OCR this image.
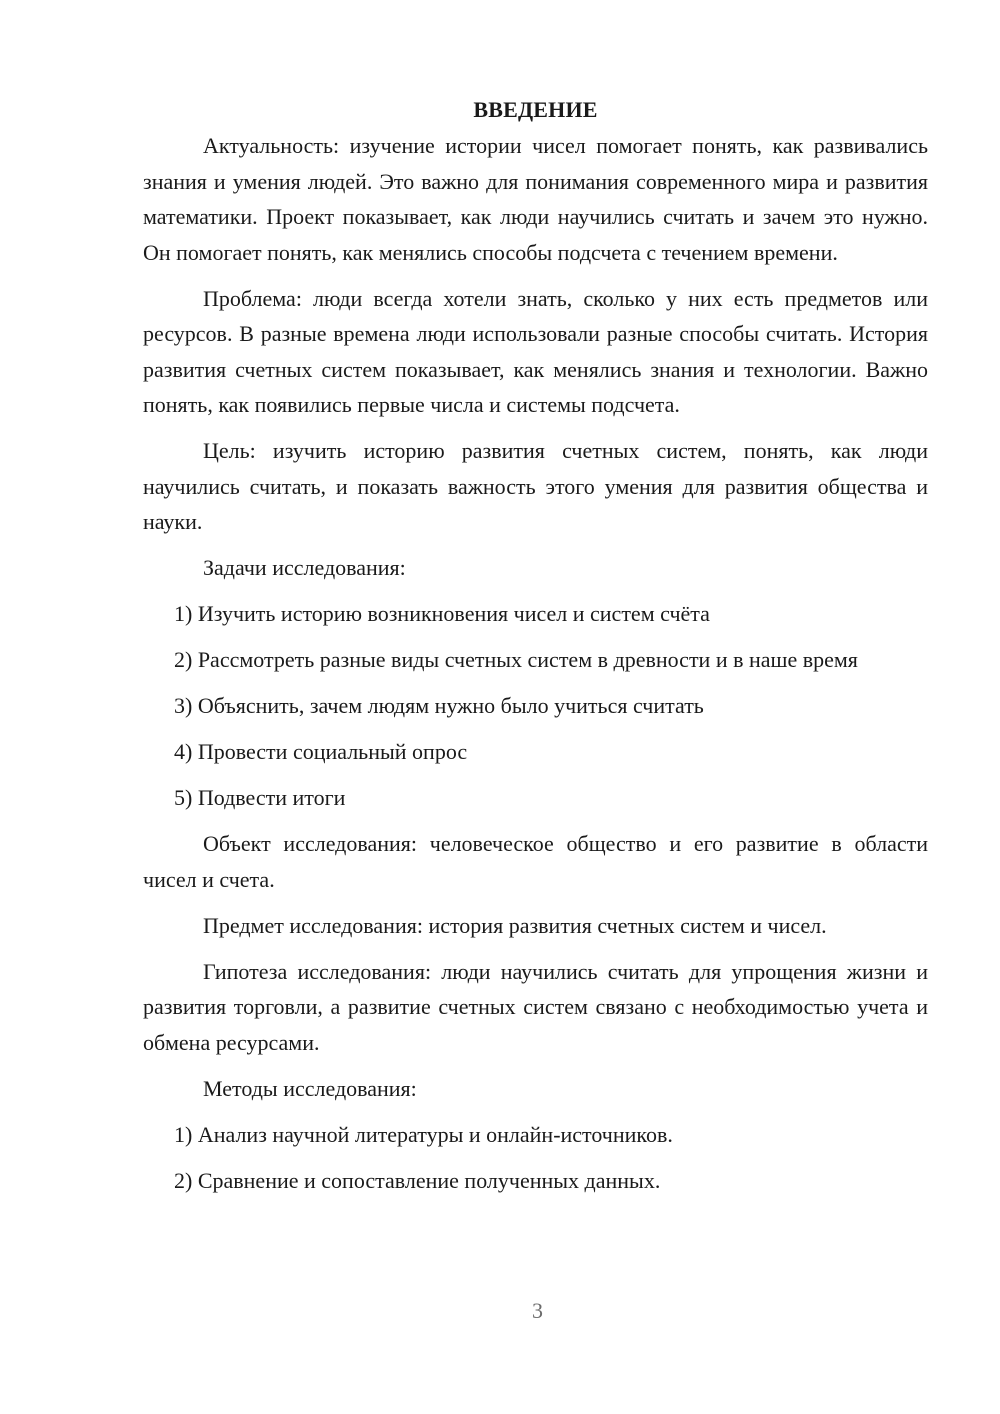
ВВЕДЕНИЕ

Актуальность: изучение истории чисел помогает понять, как развивались знания и умения людей. Это важно для понимания современного мира и развития математики. Проект показывает, как люди научились считать и зачем это нужно. Он помогает понять, как менялись способы подсчета с течением времени.

Проблема: люди всегда хотели знать, сколько у них есть предметов или ресурсов. В разные времена люди использовали разные способы считать. История развития счетных систем показывает, как менялись знания и технологии. Важно понять, как появились первые числа и системы подсчета.

Цель: изучить историю развития счетных систем, понять, как люди научились считать, и показать важность этого умения для развития общества и науки.

Задачи исследования:

1) Изучить историю возникновения чисел и систем счёта

2) Рассмотреть разные виды счетных систем в древности и в наше время

3) Объяснить, зачем людям нужно было учиться считать

4) Провести социальный опрос

5) Подвести итоги

Объект исследования: человеческое общество и его развитие в области чисел и счета.

Предмет исследования: история развития счетных систем и чисел.

Гипотеза исследования: люди научились считать для упрощения жизни и развития торговли, а развитие счетных систем связано с необходимостью учета и обмена ресурсами.

Методы исследования:

1) Анализ научной литературы и онлайн-источников.

2) Сравнение и сопоставление полученных данных.

3
